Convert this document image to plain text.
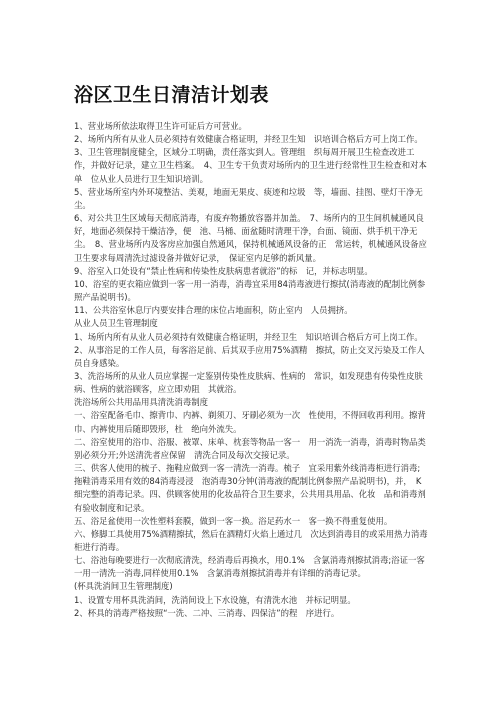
浴区卫生日清洁计划表

1、营业场所依法取得卫生许可证后方可营业。

2、场所内所有从业人员必须持有效健康合格证明，并经卫生知　识培训合格后方可上岗工作。

3、卫生管理制度健全，区域分工明确，责任落实到人。管理组　织每周开展卫生检查改进工作，并做好记录，建立卫生档案。　4、卫生专干负责对场所内的卫生进行经常性卫生检查和对本单　位从业人员进行卫生知识培训。

5、营业场所室内外环境整洁、美观，地面无果皮、痰迹和垃圾　等，墙面、挂图、壁灯干净无尘。

6、对公共卫生区域每天彻底消毒，有废弃物播放容器并加盖。　7、场所内的卫生间机械通风良好，地面必须保持干燥洁净，便　池、马桶、面盆随时清理干净，台面、镜面、烘手机干净无尘。　8、营业场所内及客房应加强自然通风，保持机械通风设备的正　常运转，机械通风设备应卫生要求每周清洗过滤设备并做好记录，　保证室内足够的新风量。

9、浴室入口处设有“禁止性病和传染性皮肤病患者就浴”的标　记，并标志明显。

10、浴室的更衣箱应做到一客一用一消毒，消毒宜采用84消毒液进行擦拭(消毒液的配制比例参照产品说明书)。

11、公共浴室休息厅内要安排合理的床位占地面积，防止室内　人员拥挤。

从业人员卫生管理制度

1、场所内所有从业人员必须持有效健康合格证明，并经卫生　知识培训合格后方可上岗工作。

2、从事浴足的工作人员，每客浴足前、后其双手应用75%酒精　擦拭，防止交叉污染及工作人员自身感染。

3、洗浴场所的从业人员应掌握一定鉴别传染性皮肤病、性病的　常识，如发现患有传染性皮肤病、性病的就浴顾客，应立即劝阻　其就浴。

洗浴场所公共用品用具清洗消毒制度

一、浴室配备毛巾、擦背巾、内裤、剃须刀、牙刷必须为一次　性使用，不得回收再利用。擦背巾、内裤使用后随即毁形，杜　绝向外流失。

二、浴室使用的浴巾、浴服、被罩、床单、枕套等物品一客一　用一消洗一消毒，消毒时物品类别必须分开;外送清洗者应保留　清洗合同及每次交接记录。

三、供客人使用的梳子、拖鞋应做到一客一清洗一消毒。梳子　宜采用紫外线消毒柜进行消毒;拖鞋消毒采用有效的84消毒浸浸　泡消毒30分钟(消毒液的配制比例参照产品说明书)，并，　K　细完整的消毒记录。四、供顾客使用的化妆品符合卫生要求，公共用具用品、化妆　品和消毒剂有验收制度和记录。

五、浴足盆使用一次性塑料套膜，做到一客一换。浴足药水一　客一换不得重复使用。

六、修脚工具使用75%酒精擦拭，然后在酒精灯火焰上通过几　次达到消毒目的或采用热力消毒柜进行消毒。

七、浴池每晚要进行一次彻底清洗，经消毒后再换水，用0.1%　含氯消毒剂擦拭消毒;浴证一客一用一清洗一消毒,同样使用0.1%　含氯消毒剂擦拭消毒并有详细的消毒记录。

(杯具洗消间卫生管理制度)

1、设置专用杯具洗消间，洗消间设上下水设施，有清洗水池　并标记明显。

2、杯具的消毒严格按照“一洗、二冲、三消毒、四保洁”的程　序进行。
